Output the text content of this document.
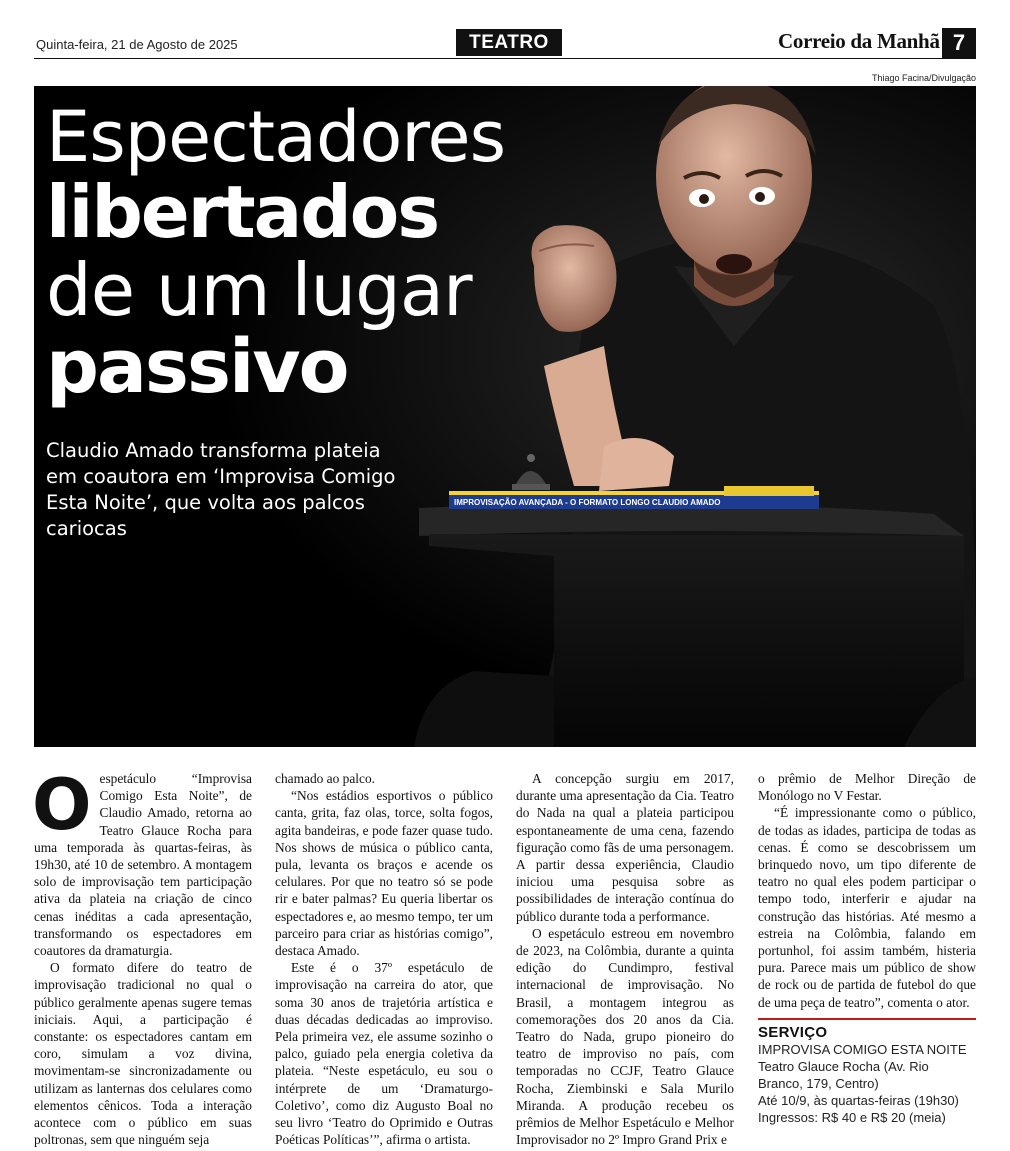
Quinta-feira, 21 de Agosto de 2025	TEATRO	Correio da Manhã 7
Thiago Facina/Divulgação
IMPROVISAÇÃO AVANÇADA - O FORMATO LONGO CLAUDIO AMADO
Espectadores
libertados
de um lugar
passivo
Claudio Amado transforma plateia em coautora em ‘Improvisa Comigo Esta Noite’, que volta aos palcos cariocas
O espetáculo “Improvisa Comigo Esta Noite”, de Claudio Amado, retorna ao Teatro Glauce Rocha para uma temporada às quartas-feiras, às 19h30, até 10 de setembro. A montagem solo de improvisação tem participação ativa da plateia na criação de cinco cenas inéditas a cada apresentação, transformando os espectadores em coautores da dramaturgia.

O formato difere do teatro de improvisação tradicional no qual o público geralmente apenas sugere temas iniciais. Aqui, a participação é constante: os espectadores cantam em coro, simulam a voz divina, movimentam-se sincronizadamente ou utilizam as lanternas dos celulares como elementos cênicos. Toda a interação acontece com o público em suas poltronas, sem que ninguém seja

chamado ao palco.

“Nos estádios esportivos o público canta, grita, faz olas, torce, solta fogos, agita bandeiras, e pode fazer quase tudo. Nos shows de música o público canta, pula, levanta os braços e acende os celulares. Por que no teatro só se pode rir e bater palmas? Eu queria libertar os espectadores e, ao mesmo tempo, ter um parceiro para criar as histórias comigo”, destaca Amado.

Este é o 37º espetáculo de improvisação na carreira do ator, que soma 30 anos de trajetória artística e duas décadas dedicadas ao improviso. Pela primeira vez, ele assume sozinho o palco, guiado pela energia coletiva da plateia. “Neste espetáculo, eu sou o intérprete de um ‘Dramaturgo-Coletivo’, como diz Augusto Boal no seu livro ‘Teatro do Oprimido e Outras Poéticas Políticas’”, afirma o artista.

A concepção surgiu em 2017, durante uma apresentação da Cia. Teatro do Nada na qual a plateia participou espontaneamente de uma cena, fazendo figuração como fãs de uma personagem. A partir dessa experiência, Claudio iniciou uma pesquisa sobre as possibilidades de interação contínua do público durante toda a performance.

O espetáculo estreou em novembro de 2023, na Colômbia, durante a quinta edição do Cundimpro, festival internacional de improvisação. No Brasil, a montagem integrou as comemorações dos 20 anos da Cia. Teatro do Nada, grupo pioneiro do teatro de improviso no país, com temporadas no CCJF, Teatro Glauce Rocha, Ziembinski e Sala Murilo Miranda. A produção recebeu os prêmios de Melhor Espetáculo e Melhor Improvisador no 2º Impro Grand Prix e

o prêmio de Melhor Direção de Monólogo no V Festar.

“É impressionante como o público, de todas as idades, participa de todas as cenas. É como se descobrissem um brinquedo novo, um tipo diferente de teatro no qual eles podem participar o tempo todo, interferir e ajudar na construção das histórias. Até mesmo a estreia na Colômbia, falando em portunhol, foi assim também, histeria pura. Parece mais um público de show de rock ou de partida de futebol do que de uma peça de teatro”, comenta o ator.

SERVIÇO
IMPROVISA COMIGO ESTA NOITE
Teatro Glauce Rocha (Av. Rio Branco, 179, Centro)
Até 10/9, às quartas-feiras (19h30)
Ingressos: R$ 40 e R$ 20 (meia)
